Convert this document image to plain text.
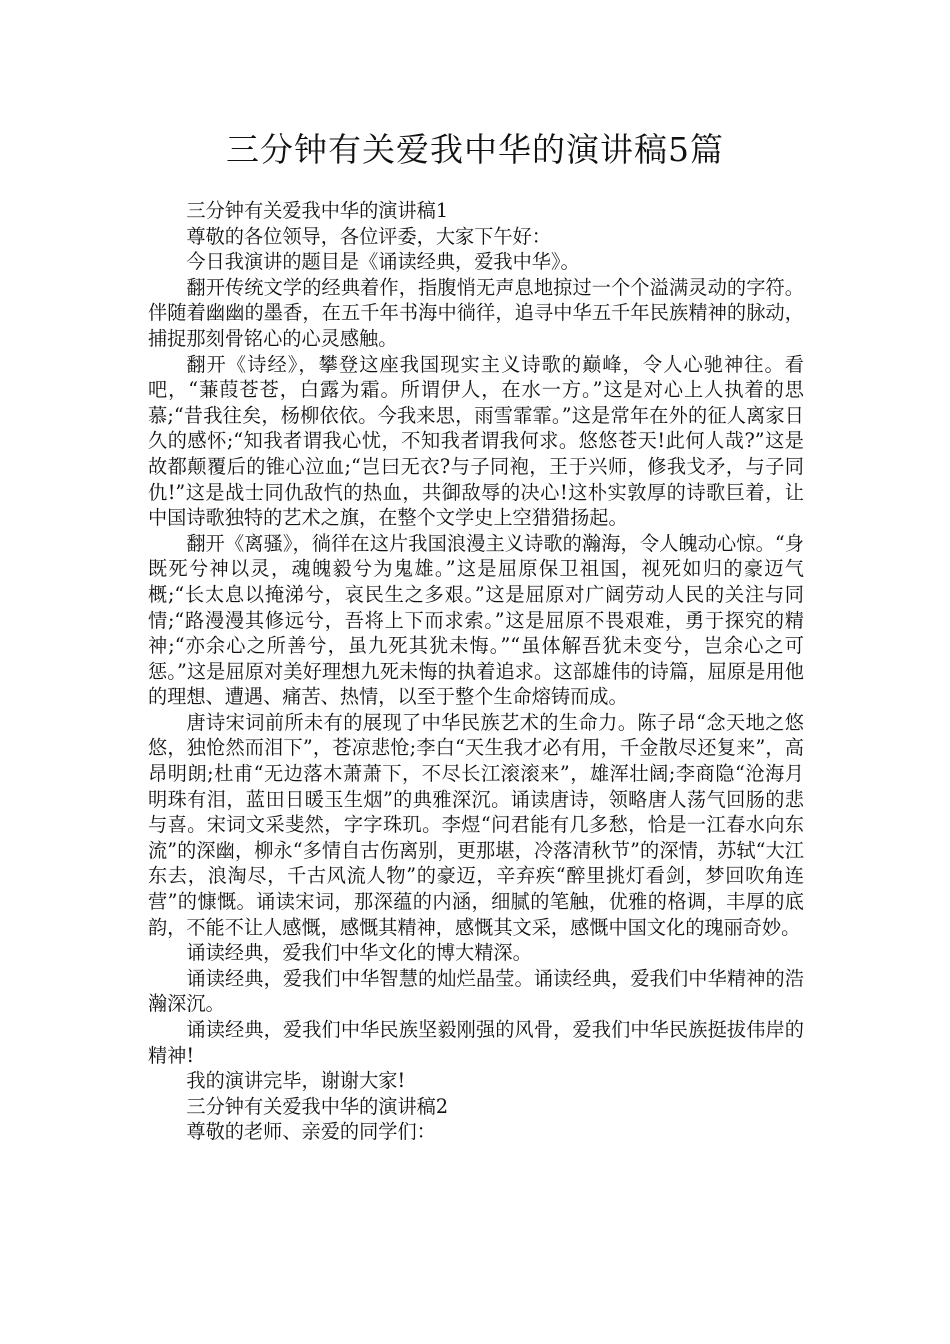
三分钟有关爱我中华的演讲稿5篇

三分钟有关爱我中华的演讲稿1

尊敬的各位领导，各位评委，大家下午好：

今日我演讲的题目是《诵读经典，爱我中华》。

翻开传统文学的经典着作，指腹悄无声息地掠过一个个溢满灵动的字符。伴随着幽幽的墨香，在五千年书海中徜徉，追寻中华五千年民族精神的脉动，捕捉那刻骨铭心的心灵感触。

翻开《诗经》，攀登这座我国现实主义诗歌的巅峰，令人心驰神往。看吧，“蒹葭苍苍，白露为霜。所谓伊人，在水一方。”这是对心上人执着的思慕;“昔我往矣，杨柳依依。今我来思，雨雪霏霏。”这是常年在外的征人离家日久的感怀;“知我者谓我心忧，不知我者谓我何求。悠悠苍天!此何人哉?”这是故都颠覆后的锥心泣血;“岂曰无衣?与子同袍，王于兴师，修我戈矛，与子同仇!”这是战士同仇敌忾的热血，共御敌辱的决心!这朴实敦厚的诗歌巨着，让中国诗歌独特的艺术之旗，在整个文学史上空猎猎扬起。

翻开《离骚》，徜徉在这片我国浪漫主义诗歌的瀚海，令人魄动心惊。“身既死兮神以灵，魂魄毅兮为鬼雄。”这是屈原保卫祖国，视死如归的豪迈气概;“长太息以掩涕兮，哀民生之多艰。”这是屈原对广阔劳动人民的关注与同情;“路漫漫其修远兮，吾将上下而求索。”这是屈原不畏艰难，勇于探究的精神;“亦余心之所善兮，虽九死其犹未悔。”“虽体解吾犹未变兮，岂余心之可惩。”这是屈原对美好理想九死未悔的执着追求。这部雄伟的诗篇，屈原是用他的理想、遭遇、痛苦、热情，以至于整个生命熔铸而成。

唐诗宋词前所未有的展现了中华民族艺术的生命力。陈子昂“念天地之悠悠，独怆然而泪下”，苍凉悲怆;李白“天生我才必有用，千金散尽还复来”，高昂明朗;杜甫“无边落木萧萧下，不尽长江滚滚来”，雄浑壮阔;李商隐“沧海月明珠有泪，蓝田日暖玉生烟”的典雅深沉。诵读唐诗，领略唐人荡气回肠的悲与喜。宋词文采斐然，字字珠玑。李煜“问君能有几多愁，恰是一江春水向东流”的深幽，柳永“多情自古伤离别，更那堪，冷落清秋节”的深情，苏轼“大江东去，浪淘尽，千古风流人物”的豪迈，辛弃疾“醉里挑灯看剑，梦回吹角连营”的慷慨。诵读宋词，那深蕴的内涵，细腻的笔触，优雅的格调，丰厚的底韵，不能不让人感慨，感慨其精神，感慨其文采，感慨中国文化的瑰丽奇妙。

诵读经典，爱我们中华文化的博大精深。

诵读经典，爱我们中华智慧的灿烂晶莹。诵读经典，爱我们中华精神的浩瀚深沉。

诵读经典，爱我们中华民族坚毅刚强的风骨，爱我们中华民族挺拔伟岸的精神!

我的演讲完毕，谢谢大家!

三分钟有关爱我中华的演讲稿2

尊敬的老师、亲爱的同学们：
